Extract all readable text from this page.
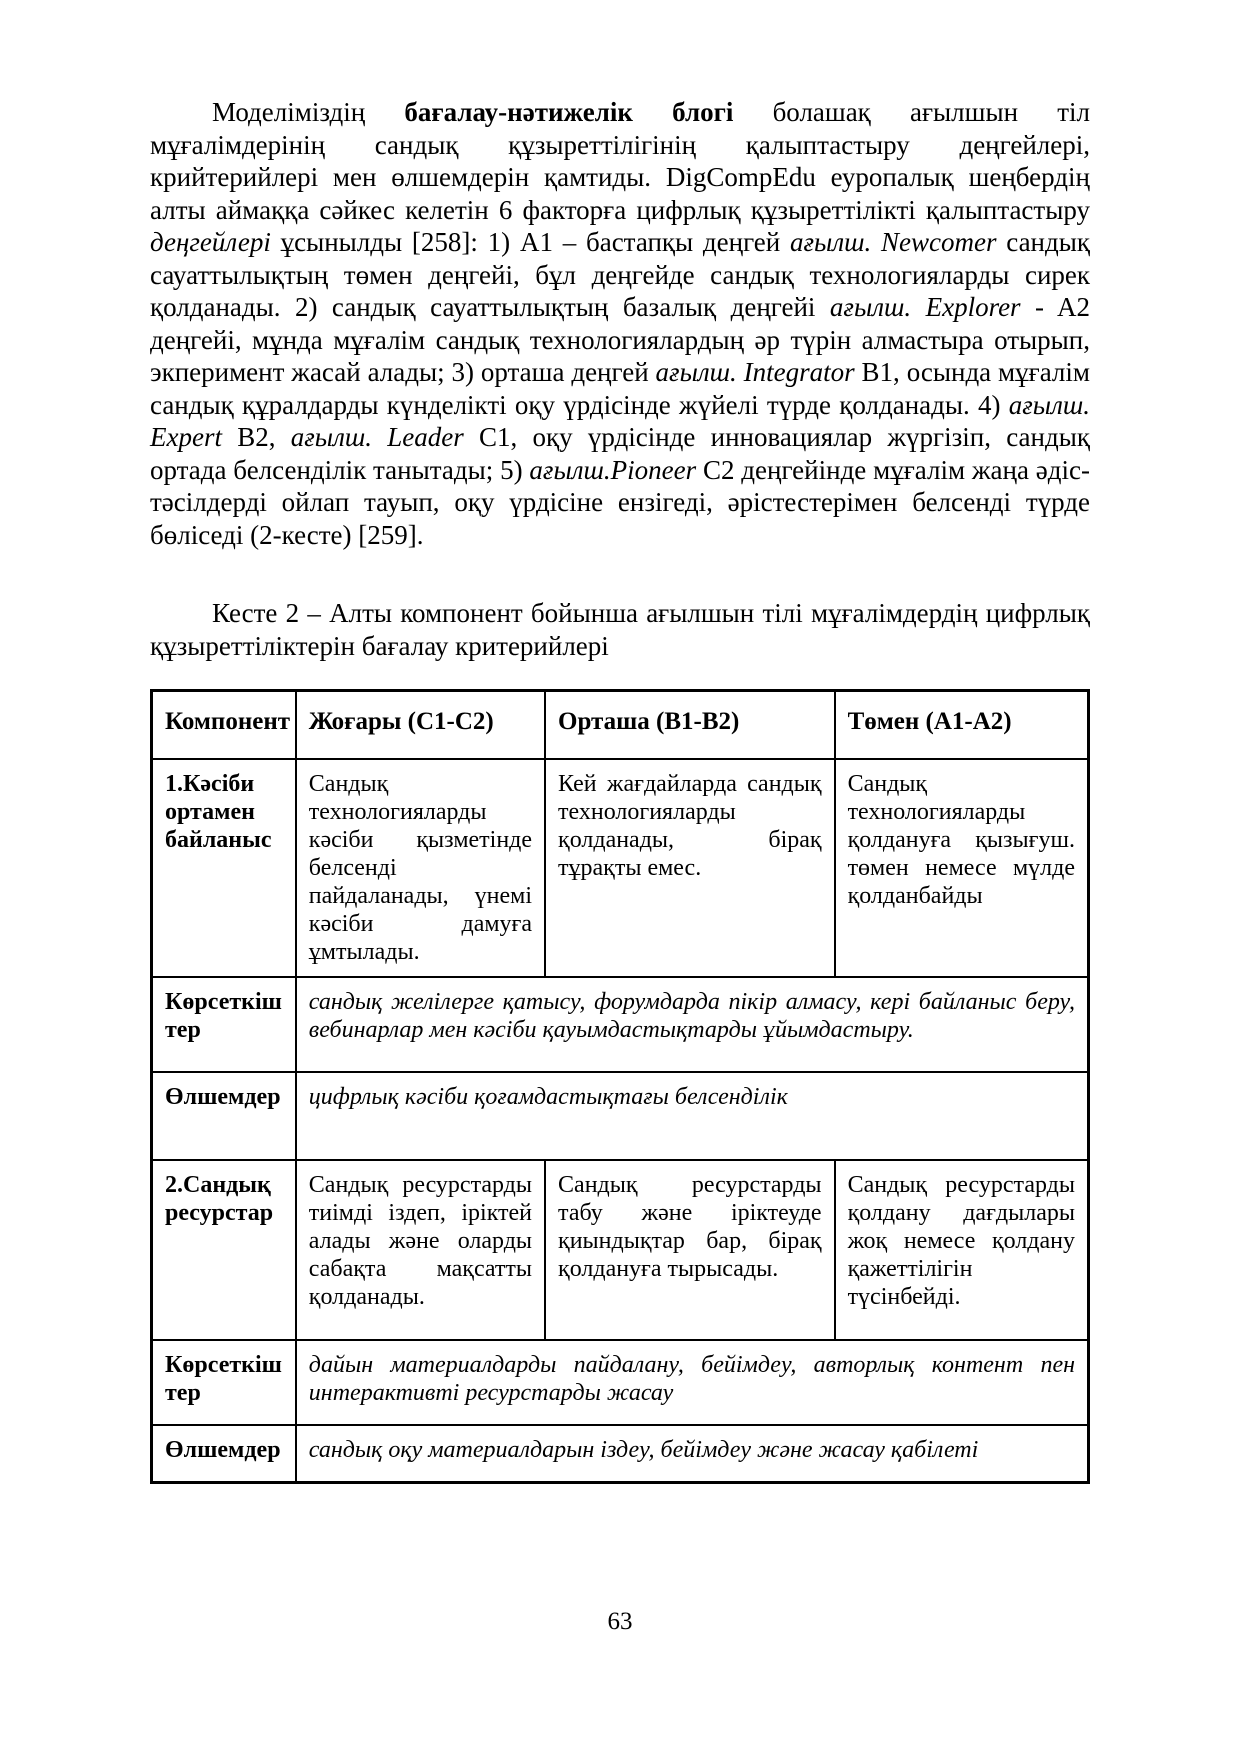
Моделіміздің бағалау-нәтижелік блогі болашақ ағылшын тіл мұғалімдерінің сандық құзыреттілігінің қалыптастыру деңгейлері, крийтерийлері мен өлшемдерін қамтиды. DigCompEdu еуропалық шеңбердің алты аймаққа сәйкес келетін 6 факторға цифрлық құзыреттілікті қалыптастыру деңгейлері ұсынылды [258]: 1) A1 – бастапқы деңгей ағылш. Newcomer сандық сауаттылықтың төмен деңгейі, бұл деңгейде сандық технологияларды сирек қолданады. 2) сандық сауаттылықтың базалық деңгейі ағылш. Explorer - A2 деңгейі, мұнда мұғалім сандық технологиялардың әр түрін алмастыра отырып, экперимент жасай алады; 3) орташа деңгей ағылш. Integrator B1, осында мұғалім сандық құралдарды күнделікті оқу үрдісінде жүйелі түрде қолданады. 4) ағылш. Expert B2, ағылш. Leader C1, оқу үрдісінде инновациялар жүргізіп, сандық ортада белсенділік танытады; 5) ағылш.Pioneer C2 деңгейінде мұғалім жаңа әдіс-тәсілдерді ойлап тауып, оқу үрдісіне ензігеді, әрістестерімен белсенді түрде бөліседі (2-кесте) [259].

Кесте 2 – Алты компонент бойынша ағылшын тілі мұғалімдердің цифрлық құзыреттіліктерін бағалау критерийлері

Компонент	Жоғары (C1-C2)	Орташа (B1-B2)	Төмен (A1-A2)
1.Кәсіби ортамен байланыс	Сандық технологияларды кәсіби қызметінде белсенді пайдаланады, үнемі кәсіби дамуға ұмтылады.	Кей жағдайларда сандық технологияларды қолданады, бірақ тұрақты емес.	Сандық технологияларды қолдануға қызығуш. төмен немесе мүлде қолданбайды
Көрсеткіштер	сандық желілерге қатысу, форумдарда пікір алмасу, кері байланыс беру, вебинарлар мен кәсіби қауымдастықтарды ұйымдастыру.		
Өлшемдер	цифрлық кәсіби қоғамдастықтағы белсенділік		
2.Сандық ресурстар	Сандық ресурстарды тиімді іздеп, іріктей алады және оларды сабақта мақсатты қолданады.	Сандық ресурстарды табу және іріктеуде қиындықтар бар, бірақ қолдануға тырысады.	Сандық ресурстарды қолдану дағдылары жоқ немесе қолдану қажеттілігін түсінбейді.
Көрсеткіштер	дайын материалдарды пайдалану, бейімдеу, авторлық контент пен интерактивті ресурстарды жасау		
Өлшемдер	сандық оқу материалдарын іздеу, бейімдеу және жасау қабілеті		
63
